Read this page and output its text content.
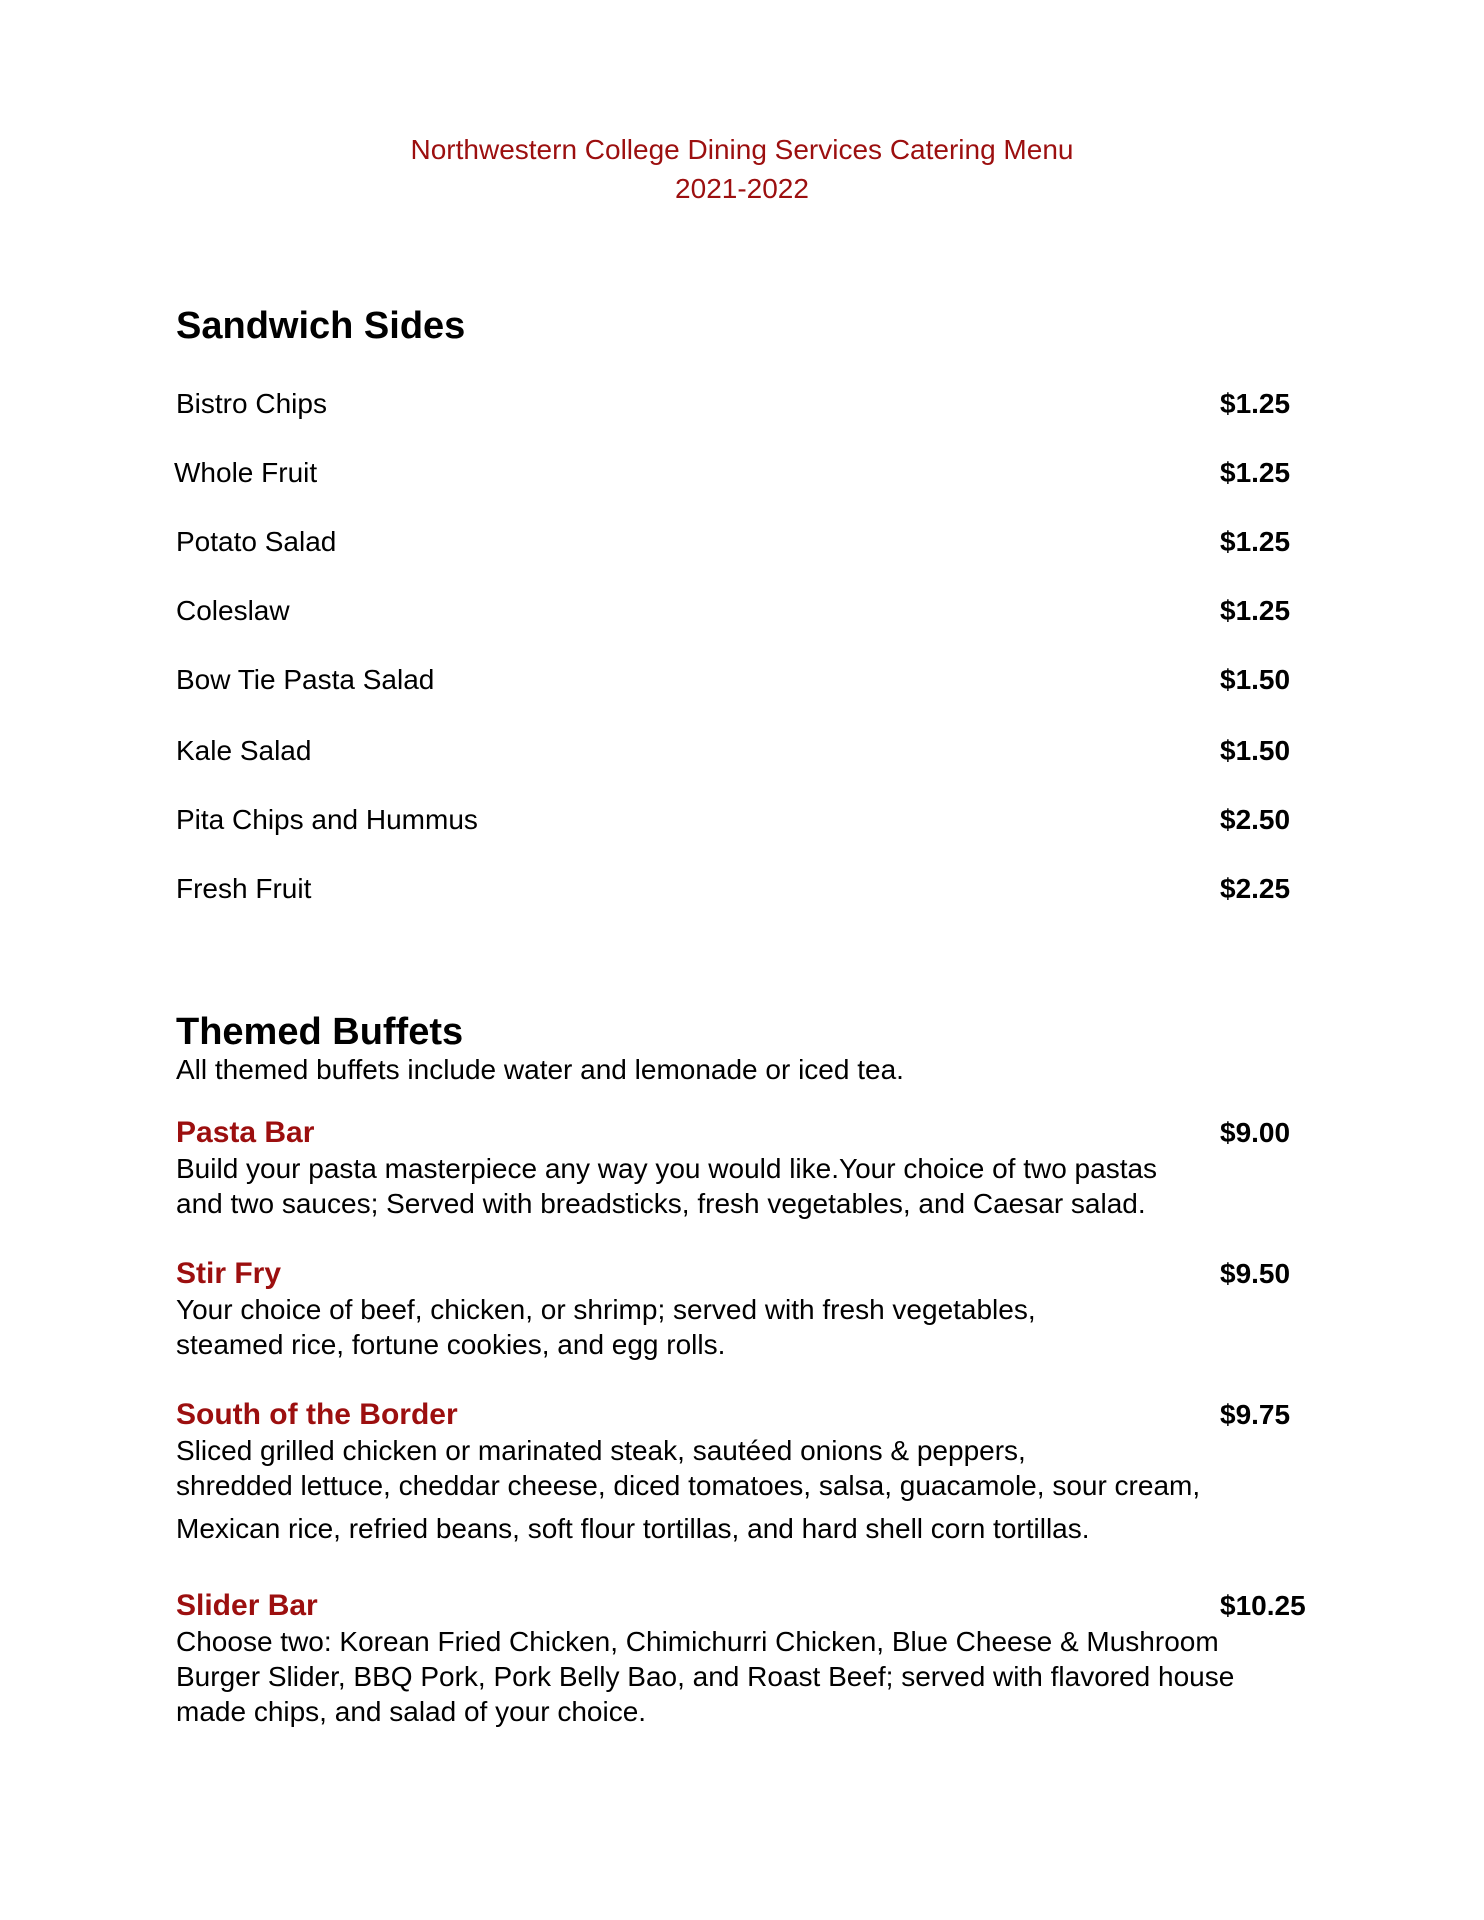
Northwestern College Dining Services Catering Menu
2021-2022
Sandwich Sides
Bistro Chips	$1.25
Whole Fruit	$1.25
Potato Salad	$1.25
Coleslaw	$1.25
Bow Tie Pasta Salad	$1.50
Kale Salad	$1.50
Pita Chips and Hummus	$2.50
Fresh Fruit	$2.25
Themed Buffets
All themed buffets include water and lemonade or iced tea.
Pasta Bar	$9.00
Build your pasta masterpiece any way you would like.Your choice of two pastas
and two sauces; Served with breadsticks, fresh vegetables, and Caesar salad.
Stir Fry	$9.50
Your choice of beef, chicken, or shrimp; served with fresh vegetables,
steamed rice, fortune cookies, and egg rolls.
South of the Border	$9.75
Sliced grilled chicken or marinated steak, sautéed onions & peppers,
shredded lettuce, cheddar cheese, diced tomatoes, salsa, guacamole, sour cream,
Mexican rice, refried beans, soft flour tortillas, and hard shell corn tortillas.
Slider Bar	$10.25
Choose two: Korean Fried Chicken, Chimichurri Chicken, Blue Cheese & Mushroom
Burger Slider, BBQ Pork, Pork Belly Bao, and Roast Beef; served with flavored house
made chips, and salad of your choice.
